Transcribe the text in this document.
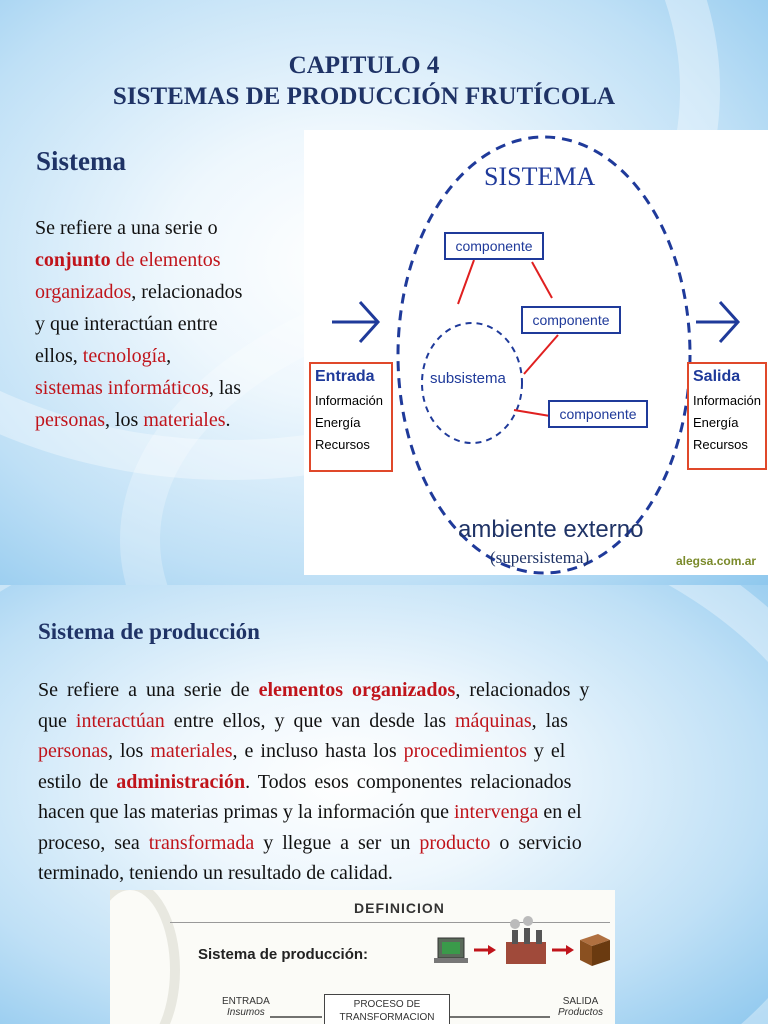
CAPITULO 4
SISTEMAS DE PRODUCCIÓN FRUTÍCOLA
Sistema
Se refiere a una serie o
conjunto de elementos
organizados, relacionados
y que interactúan entre
ellos, tecnología,
sistemas informáticos, las
personas, los materiales.
SISTEMA
componente
componente
componente
subsistema
Entrada
Información
Energía
Recursos
Salida
Información
Energía
Recursos
ambiente externo
(supersistema)	alegsa.com.ar
Sistema de producción
Se refiere a una serie de elementos organizados, relacionados y
que interactúan entre ellos, y que van desde las máquinas, las
personas, los materiales, e incluso hasta los procedimientos y el
estilo de administración. Todos esos componentes relacionados
hacen que las materias primas y la información que intervenga en el
proceso, sea transformada y llegue a ser un producto o servicio
terminado, teniendo un resultado de calidad.
DEFINICION
Sistema de producción:
ENTRADA
Insumos
PROCESO DE
TRANSFORMACION
SALIDA
Productos
